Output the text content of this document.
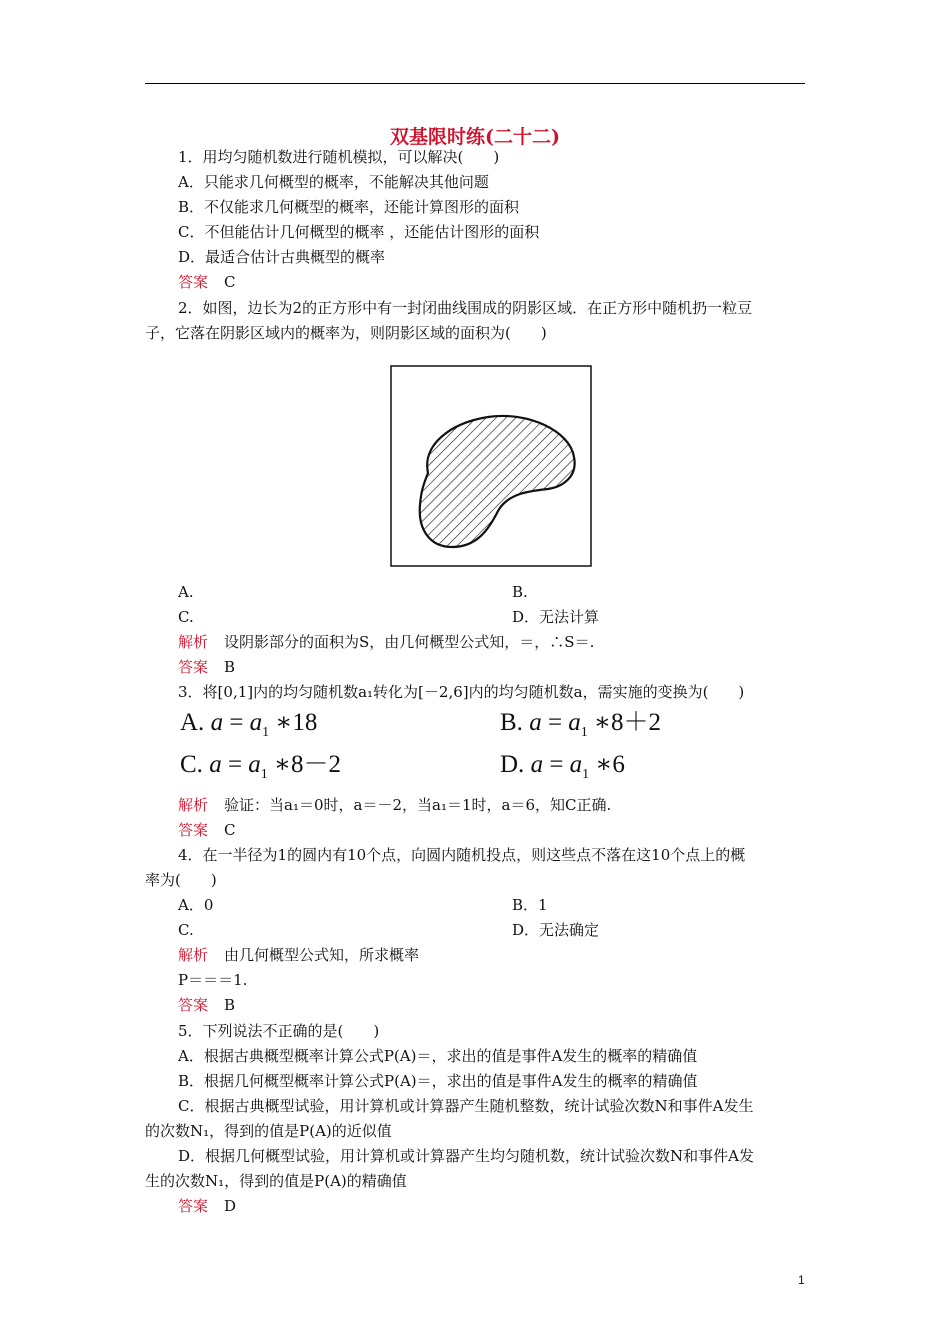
双基限时练(二十二)
1．用均匀随机数进行随机模拟，可以解决(　　)
A．只能求几何概型的概率，不能解决其他问题
B．不仅能求几何概型的概率，还能计算图形的面积
C．不但能估计几何概型的概率 ，还能估计图形的面积
D．最适合估计古典概型的概率
答案 C
2．如图，边长为2的正方形中有一封闭曲线围成的阴影区域．在正方形中随机扔一粒豆
子，它落在阴影区域内的概率为，则阴影区域的面积为(　　)
A.	B.
C.	D．无法计算
解析 设阴影部分的面积为S，由几何概型公式知，＝，∴S＝.
答案 B
3．将[0,1]内的均匀随机数a₁转化为[－2,6]内的均匀随机数a，需实施的变换为(　　)
A. $a = a_1$ ∗18	B. $a = a_1$ ∗8＋2
C. $a = a_1$ ∗8－2	D. $a = a_1$ ∗6
解析 验证：当a₁＝0时，a＝－2，当a₁＝1时，a＝6，知C正确.
答案 C
4．在一半径为1的圆内有10个点，向圆内随机投点，则这些点不落在这10个点上的概
率为(　　)
A．0	B．1
C.	D．无法确定
解析 由几何概型公式知，所求概率
P＝＝＝1.
答案 B
5．下列说法不正确的是(　　)
A．根据古典概型概率计算公式P(A)＝，求出的值是事件A发生的概率的精确值
B．根据几何概型概率计算公式P(A)＝，求出的值是事件A发生的概率的精确值
C．根据古典概型试验，用计算机或计算器产生随机整数，统计试验次数N和事件A发生
的次数N₁，得到的值是P(A)的近似值
D．根据几何概型试验，用计算机或计算器产生均匀随机数，统计试验次数N和事件A发
生的次数N₁，得到的值是P(A)的精确值
答案 D
1
